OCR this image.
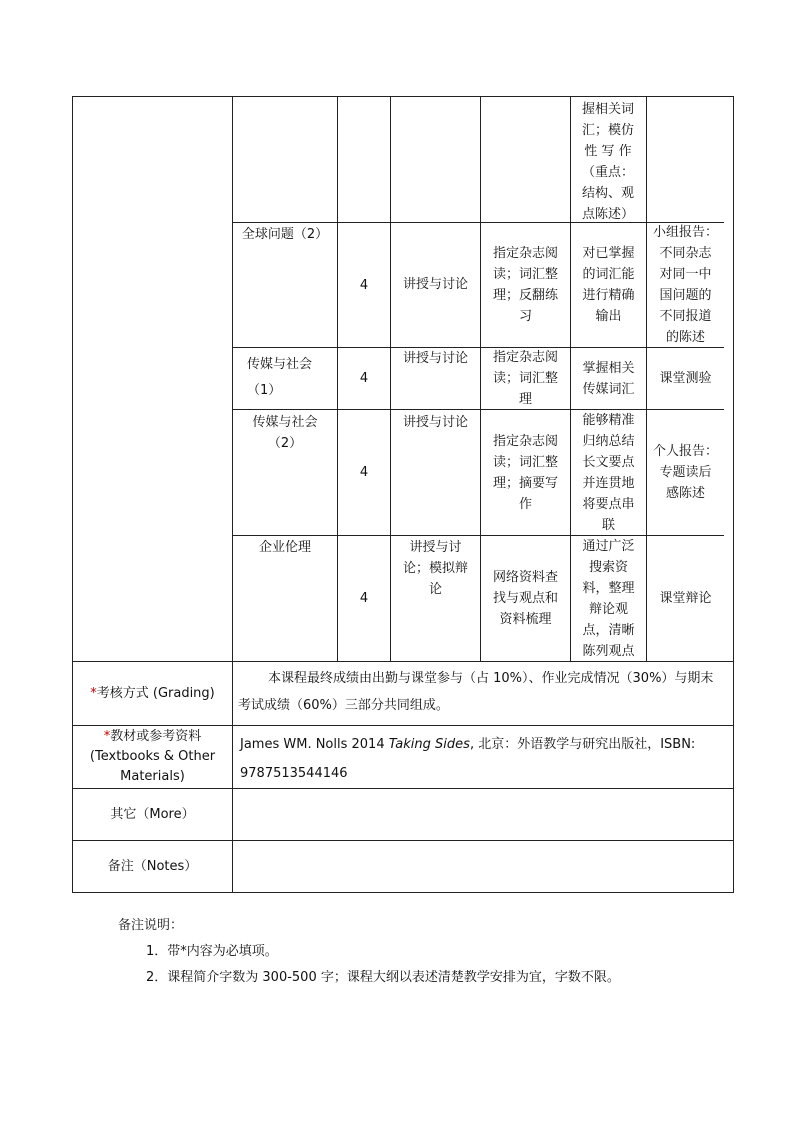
握相关词
汇；模仿
性 写 作
（重点：
结构、观
点陈述）
全球问题（2）
4	讲授与讨论
指定杂志阅
读；词汇整
理；反翻练
习
对已掌握
的词汇能
进行精确
输出
小组报告：
不同杂志
对同一中
国问题的
不同报道
的陈述
传媒与社会
（1）
4
讲授与讨论 指定杂志阅
读；词汇整
理
掌握相关
传媒词汇
课堂测验
传媒与社会
（2）
4
讲授与讨论
指定杂志阅
读；词汇整
理；摘要写
作
能够精准
归纳总结
长文要点
并连贯地
将要点串
联
个人报告：
专题读后
感陈述
企业伦理
4
讲授与讨
论；模拟辩
论
网络资料查
找与观点和
资料梳理
通过广泛
搜索资
料，整理
辩论观
点，清晰
陈列观点
课堂辩论
*考核方式 (Grading)
本课程最终成绩由出勤与课堂参与（占 10%）、作业完成情况（30%）与期末
考试成绩（60%）三部分共同组成。
*教材或参考资料
(Textbooks & Other
Materials)
James WM. Nolls 2014 Taking Sides, 北京：外语教学与研究出版社，ISBN:
9787513544146
其它（More）
备注（Notes）
备注说明：
1．带*内容为必填项。
2．课程简介字数为 300-500 字；课程大纲以表述清楚教学安排为宜，字数不限。
